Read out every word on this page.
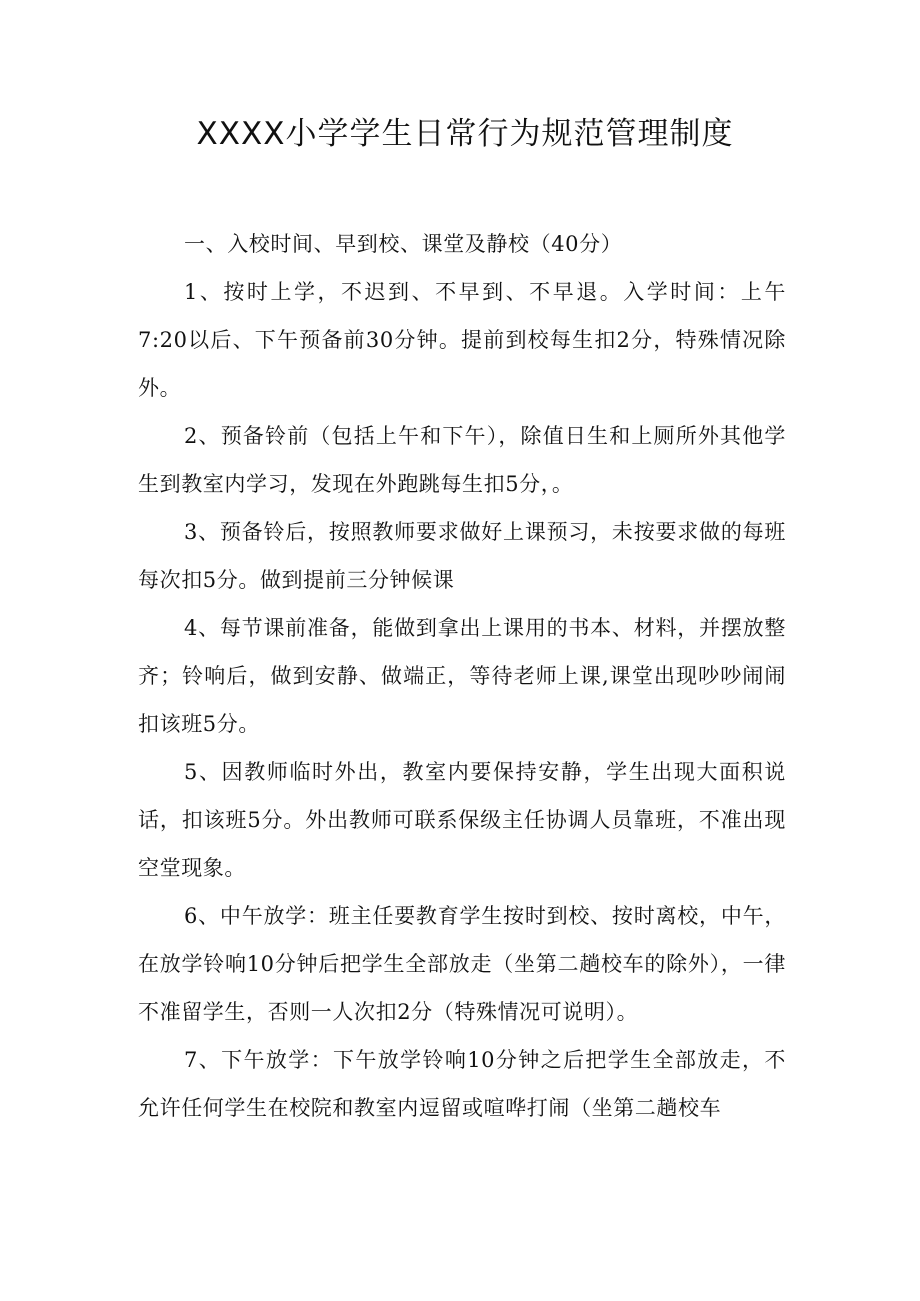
XXXX小学学生日常行为规范管理制度

一、入校时间、早到校、课堂及静校（40分）

1、按时上学，不迟到、不早到、不早退。入学时间：上午7:20以后、下午预备前30分钟。提前到校每生扣2分，特殊情况除外。

2、预备铃前（包括上午和下午），除值日生和上厕所外其他学生到教室内学习，发现在外跑跳每生扣5分，。

3、预备铃后，按照教师要求做好上课预习，未按要求做的每班每次扣5分。做到提前三分钟候课

4、每节课前准备，能做到拿出上课用的书本、材料，并摆放整齐；铃响后，做到安静、做端正，等待老师上课,课堂出现吵吵闹闹扣该班5分。

5、因教师临时外出，教室内要保持安静，学生出现大面积说话，扣该班5分。外出教师可联系保级主任协调人员靠班，不准出现空堂现象。

6、中午放学：班主任要教育学生按时到校、按时离校，中午，在放学铃响10分钟后把学生全部放走（坐第二趟校车的除外），一律不准留学生，否则一人次扣2分（特殊情况可说明）。

7、下午放学：下午放学铃响10分钟之后把学生全部放走，不允许任何学生在校院和教室内逗留或喧哗打闹（坐第二趟校车
